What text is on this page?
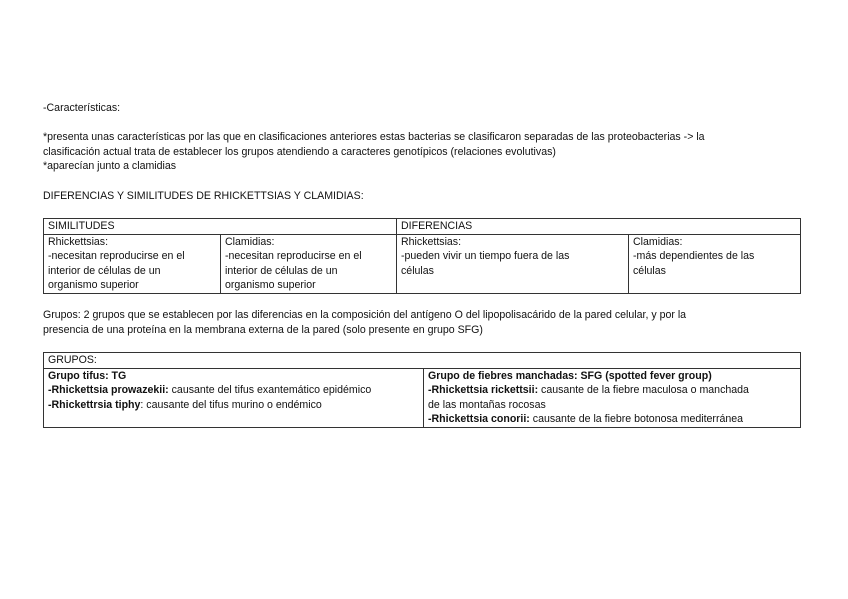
-Características:

*presenta unas características por las que en clasificaciones anteriores estas bacterias se clasificaron separadas de las proteobacterias -> la

clasificación actual trata de establecer los grupos atendiendo a caracteres genotípicos (relaciones evolutivas)

*aparecían junto a clamidias

DIFERENCIAS Y SIMILITUDES DE RHICKETTSIAS Y CLAMIDIAS:

SIMILITUDES		DIFERENCIAS	

Rhickettsias:
-necesitan reproducirse en el
interior de células de un
organismo superior	Clamidias:
-necesitan reproducirse en el
interior de células de un
organismo superior	Rhickettsias:
-pueden vivir un tiempo fuera de las
células	Clamidias:
-más dependientes de las
células

Grupos: 2 grupos que se establecen por las diferencias en la composición del antígeno O del lipopolisacárido de la pared celular, y por la

presencia de una proteína en la membrana externa de la pared (solo presente en grupo SFG)

GRUPOS:

Grupo tifus: TG
-Rhickettsia prowazekii: causante del tifus exantemático epidémico
-Rhickettrsia tiphy: causante del tifus murino o endémico

Grupo de fiebres manchadas: SFG (spotted fever group)
-Rhickettsia rickettsii: causante de la fiebre maculosa o manchada
de las montañas rocosas
-Rhickettsia conorii: causante de la fiebre botonosa mediterránea
